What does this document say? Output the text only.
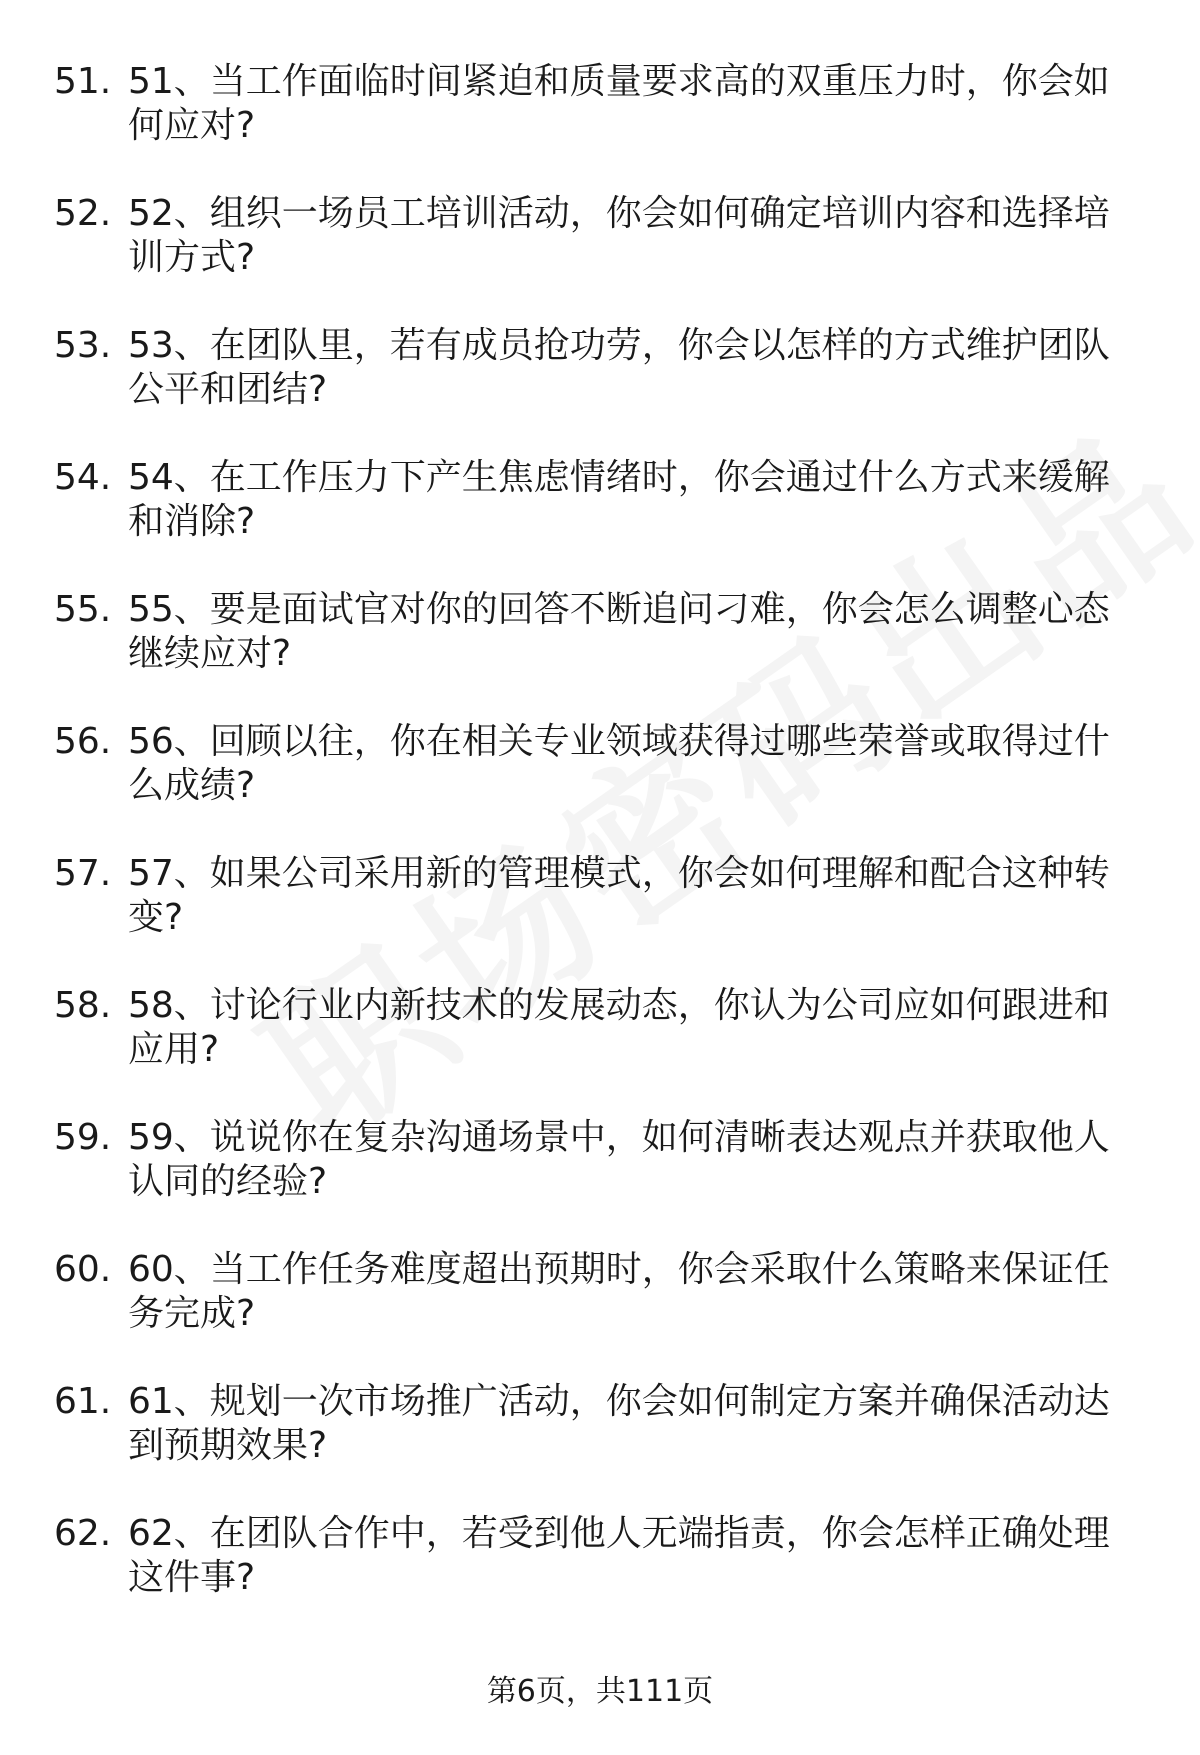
51. 51、当工作面临时间紧迫和质量要求高的双重压力时，你会如何应对?
52. 52、组织一场员工培训活动，你会如何确定培训内容和选择培训方式?
53. 53、在团队里，若有成员抢功劳，你会以怎样的方式维护团队公平和团结?
54. 54、在工作压力下产生焦虑情绪时，你会通过什么方式来缓解和消除?
55. 55、要是面试官对你的回答不断追问刁难，你会怎么调整心态继续应对?
56. 56、回顾以往，你在相关专业领域获得过哪些荣誉或取得过什么成绩?
57. 57、如果公司采用新的管理模式，你会如何理解和配合这种转变?
58. 58、讨论行业内新技术的发展动态，你认为公司应如何跟进和应用?
59. 59、说说你在复杂沟通场景中，如何清晰表达观点并获取他人认同的经验?
60. 60、当工作任务难度超出预期时，你会采取什么策略来保证任务完成?
61. 61、规划一次市场推广活动，你会如何制定方案并确保活动达到预期效果?
62. 62、在团队合作中，若受到他人无端指责，你会怎样正确处理这件事?
第6页，共111页
